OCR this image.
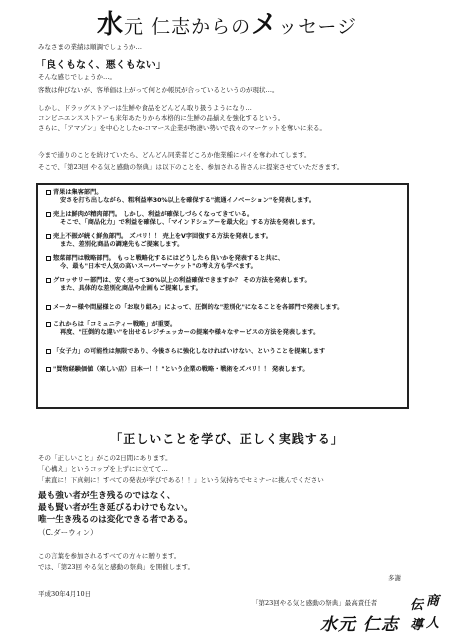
水元 仁志からのメッセージ
みなさまの業績は順調でしょうか…
「良くもなく、悪くもない」
そんな感じでしょうか…。
客数は伸びないが、客単価は上がって何とか帳尻が合っているというのが現状…。
しかし、ドラッグストアーは生鮮や食品をどんどん取り扱うようになり…
コンビニエンスストアーも来年あたりから本格的に生鮮の品揃えを強化するという。
さらに、「アマゾン」を中心としたe-コマース企業が物凄い勢いで我々のマーケットを奪いに来る。
今まで通りのことを続けていたら、どんどん同業者どころか他業種にパイを奪われてします。
そこで、「第23回 やる気と感動の祭典」は以下のことを、参加される皆さんに提案させていただきます。
青果は集客部門。
安さを打ち出しながら、粗利益率30%以上を確保する"流通イノベーション"を発表します。
売上は鮮肉が精肉部門。 しかし、利益が確保しづらくなってきている。
そこで、「商品化力」で利益を確保し、「マインドシェアーを最大化」する方法を発表します。
売上不振が続く鮮魚部門。 ズバリ！！ 売上をV字回復する方法を発表します。
また、差別化商品の調達先もご提案します。
惣菜部門は戦略部門。 もっと戦略化するにはどうしたら良いかを発表すると共に、
今、最も"日本で人気の高いスーパーマーケット"の考え方も学べます。
グロッサリー部門は、安く売って30%以上の利益確保できますか？ その方法を発表します。
また、具体的な差別化商品や企画もご提案します。
メーカー様や問屋様との「お取り組み」によって、圧倒的な"差別化"になることを各部門で発表します。
これからは「コミュニティー戦略」が重要。
再度、"圧倒的な違い"を出せるレジチェッカーの提案や様々なサービスの方法を発表します。
「女子力」の可能性は無限であり、今後さらに強化しなければいけない、ということを提案します
"買物経験価値（楽しい店）日本一！！"という企業の戦略・戦術をズバリ！！ 発表します。
「正しいことを学び、正しく実践する」
その「正しいこと」がこの2日間にあります。
「心構え」というコップを上ずにに立てて…
「素直に！下真剣に！すべての発表が学びである！！」という気持ちでセミナーに挑んでください
最も強い者が生き残るのではなく、
最も賢い者が生き延びるわけでもない。
唯一生き残るのは変化できる者である。
（C.ダーウィン）
この言葉を参加されるすべての方々に贈ります。
では、「第23回 やる気と感動の祭典」を開催します。
多謝
平成30年4月10日
「第23回やる気と感動の祭典」最高責任者
水元 仁志
伝 商
導 人
